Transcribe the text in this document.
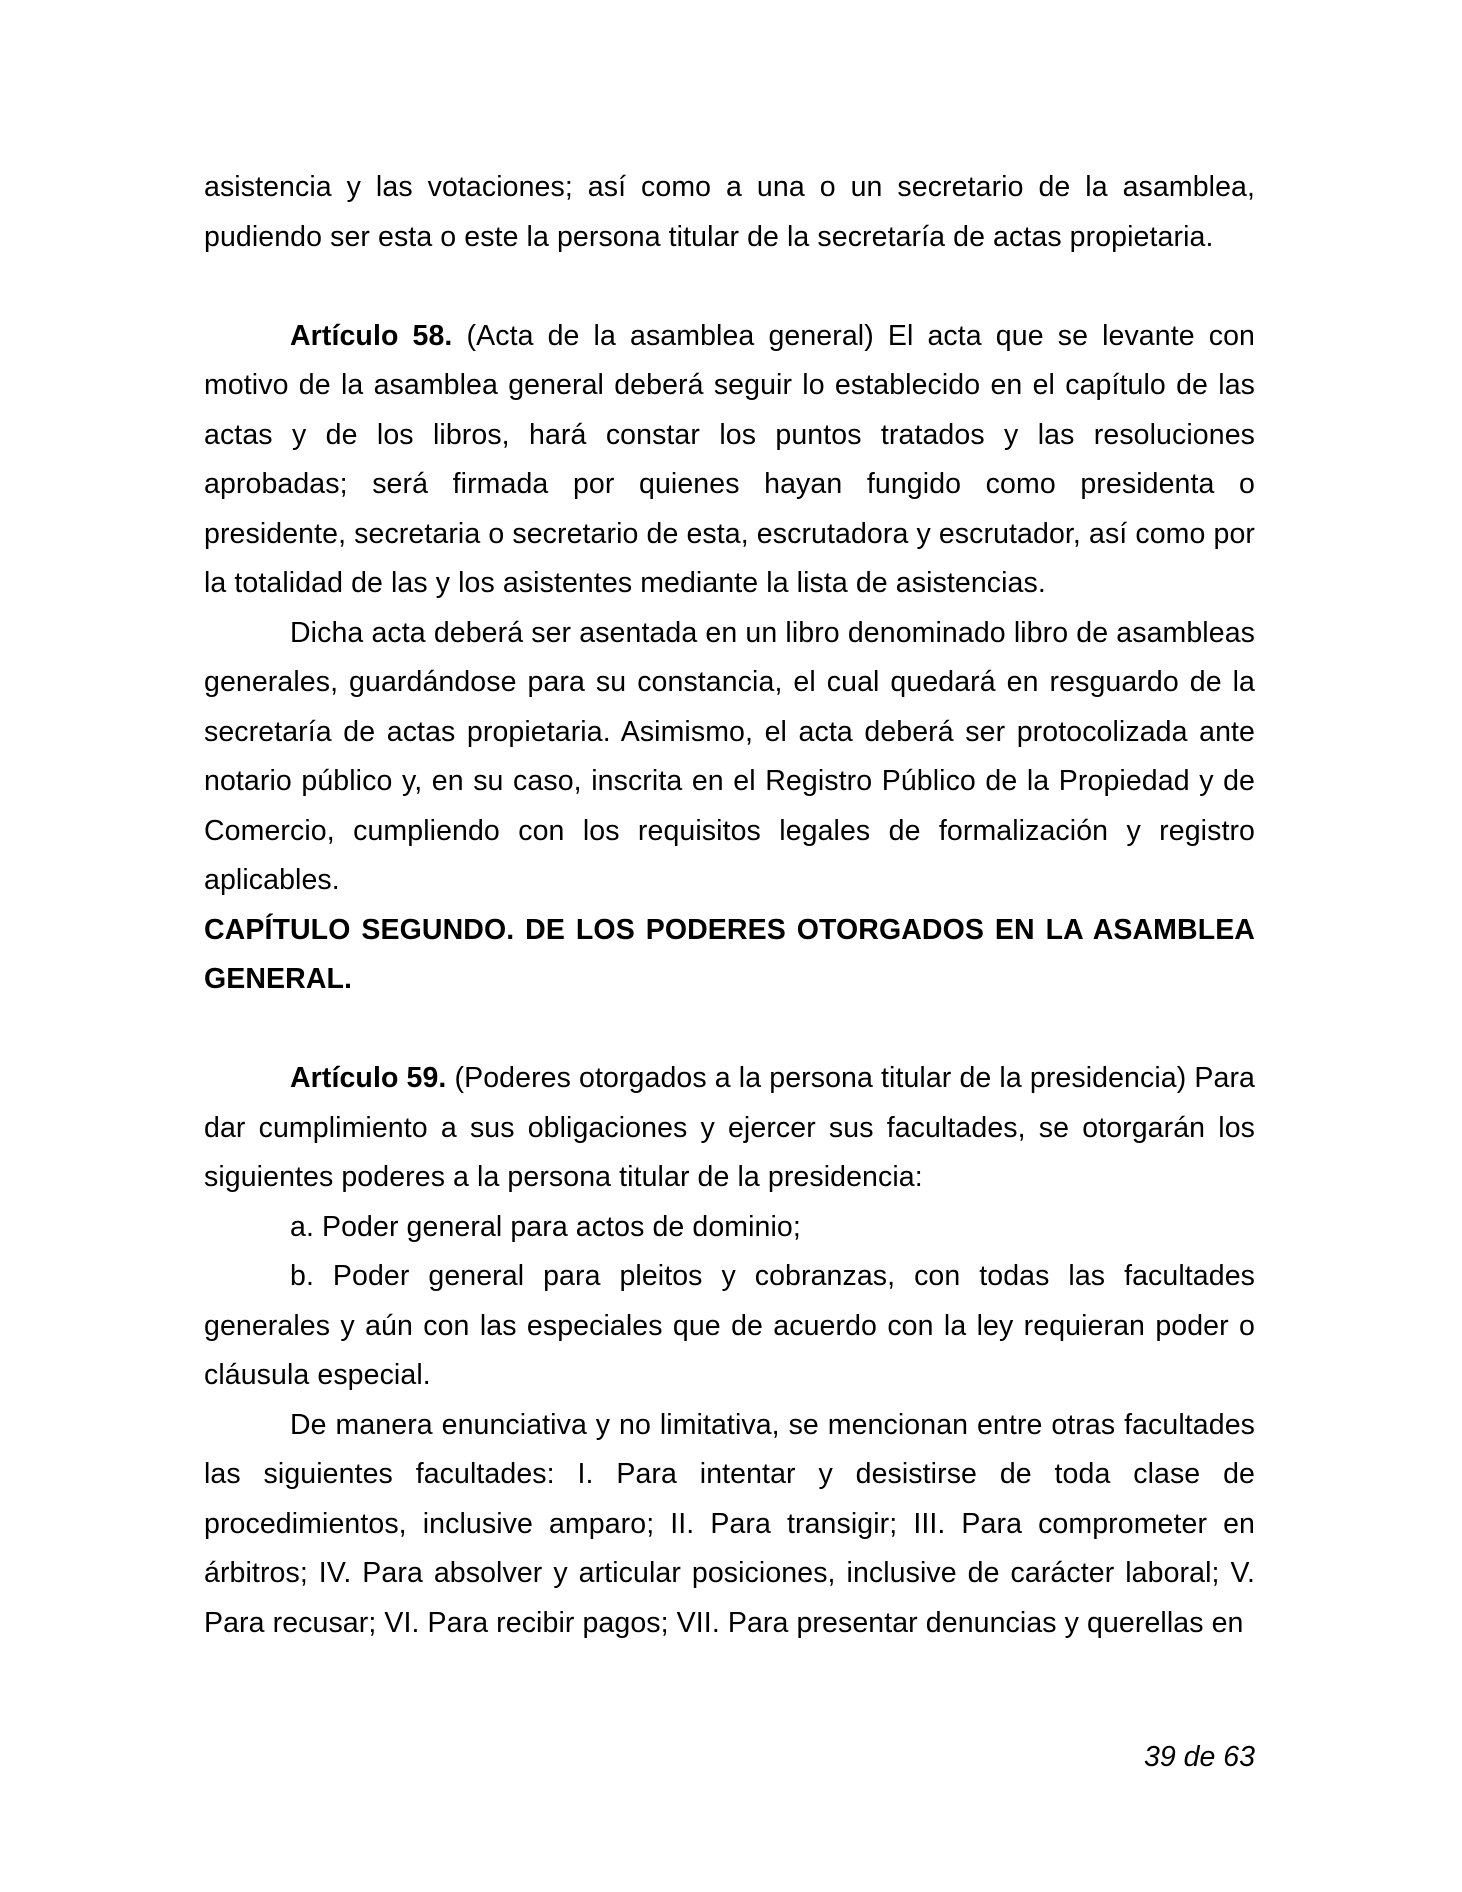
asistencia y las votaciones; así como a una o un secretario de la asamblea, pudiendo ser esta o este la persona titular de la secretaría de actas propietaria.

Artículo 58. (Acta de la asamblea general) El acta que se levante con motivo de la asamblea general deberá seguir lo establecido en el capítulo de las actas y de los libros, hará constar los puntos tratados y las resoluciones aprobadas; será firmada por quienes hayan fungido como presidenta o presidente, secretaria o secretario de esta, escrutadora y escrutador, así como por la totalidad de las y los asistentes mediante la lista de asistencias.

Dicha acta deberá ser asentada en un libro denominado libro de asambleas generales, guardándose para su constancia, el cual quedará en resguardo de la secretaría de actas propietaria. Asimismo, el acta deberá ser protocolizada ante notario público y, en su caso, inscrita en el Registro Público de la Propiedad y de Comercio, cumpliendo con los requisitos legales de formalización y registro aplicables.

CAPÍTULO SEGUNDO. DE LOS PODERES OTORGADOS EN LA ASAMBLEA GENERAL.

Artículo 59. (Poderes otorgados a la persona titular de la presidencia) Para dar cumplimiento a sus obligaciones y ejercer sus facultades, se otorgarán los siguientes poderes a la persona titular de la presidencia:

a. Poder general para actos de dominio;

b. Poder general para pleitos y cobranzas, con todas las facultades generales y aún con las especiales que de acuerdo con la ley requieran poder o cláusula especial.

De manera enunciativa y no limitativa, se mencionan entre otras facultades las siguientes facultades: I. Para intentar y desistirse de toda clase de procedimientos, inclusive amparo; II. Para transigir; III. Para comprometer en árbitros; IV. Para absolver y articular posiciones, inclusive de carácter laboral; V. Para recusar; VI. Para recibir pagos; VII. Para presentar denuncias y querellas en

39 de 63
